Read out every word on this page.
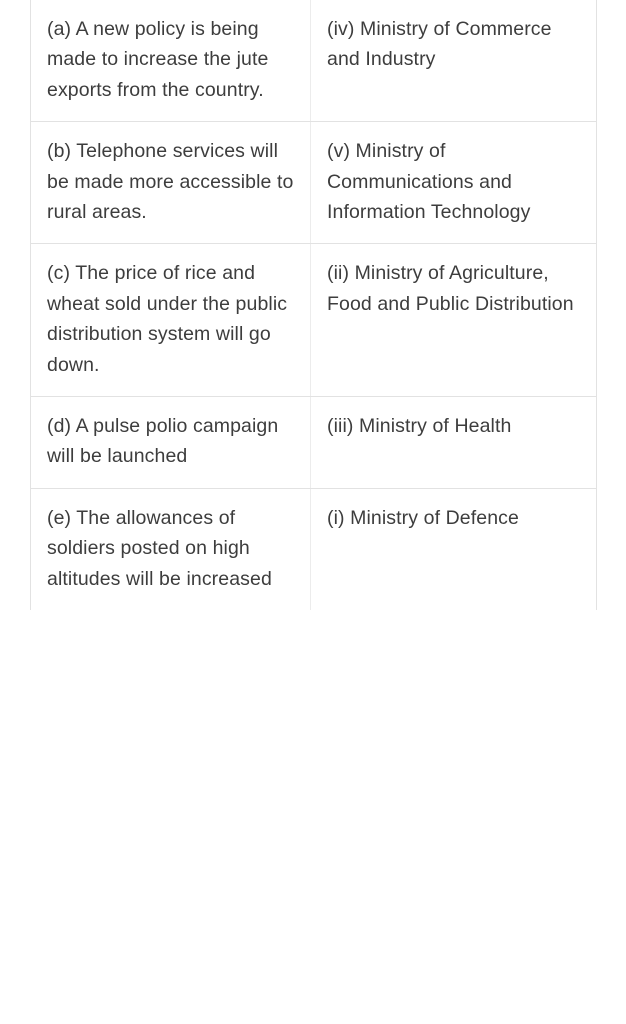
(a) A new policy is being made to increase the jute exports from the country.	(iv) Ministry of Commerce and Industry

(b) Telephone services will be made more accessible to rural areas.	(v) Ministry of Communications and Information Technology

(c) The price of rice and wheat sold under the public distribution system will go down.	(ii) Ministry of Agriculture, Food and Public Distribution

(d) A pulse polio campaign will be launched	(iii) Ministry of Health

(e) The allowances of soldiers posted on high altitudes will be increased	(i) Ministry of Defence
